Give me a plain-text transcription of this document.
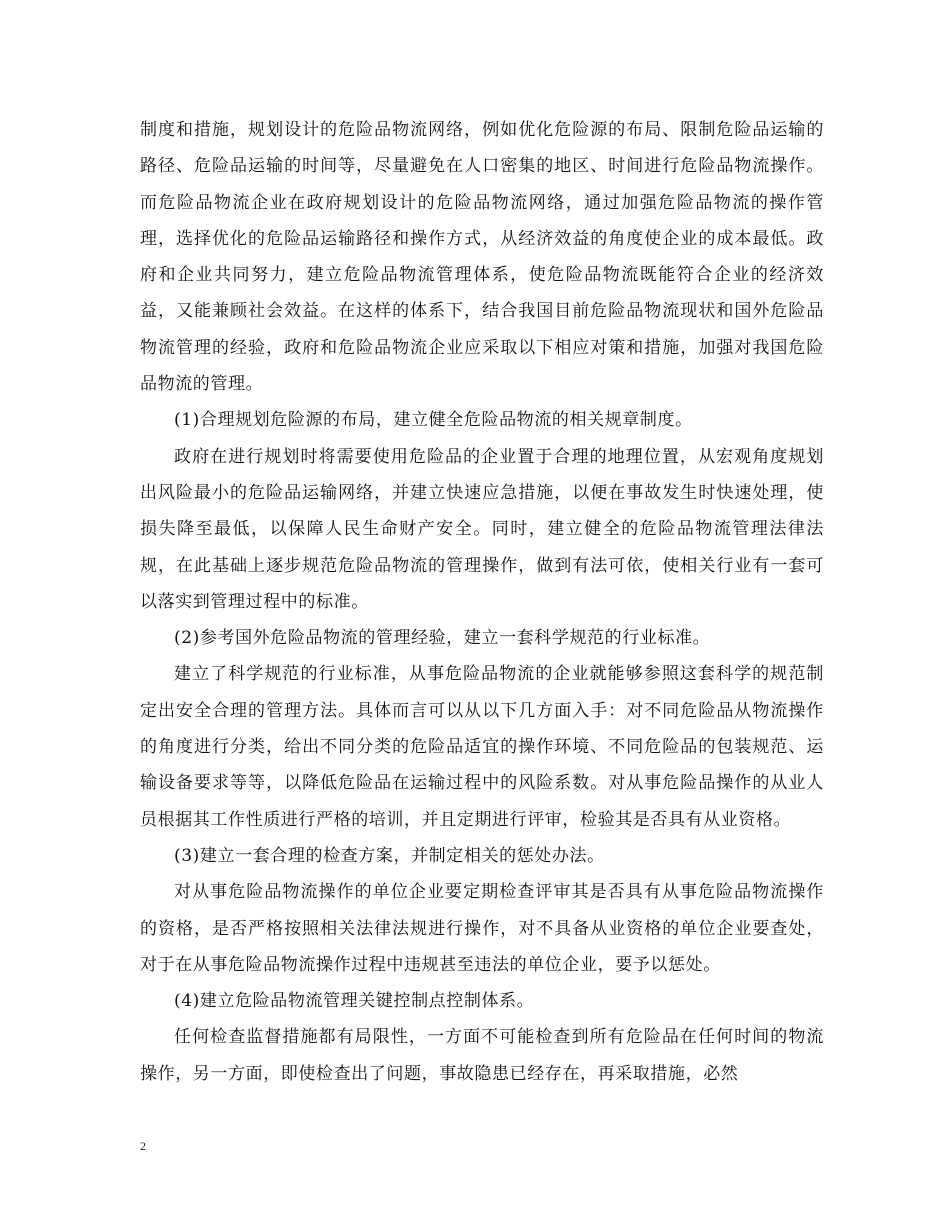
制度和措施，规划设计的危险品物流网络，例如优化危险源的布局、限制危险品运输的路径、危险品运输的时间等，尽量避免在人口密集的地区、时间进行危险品物流操作。而危险品物流企业在政府规划设计的危险品物流网络，通过加强危险品物流的操作管理，选择优化的危险品运输路径和操作方式，从经济效益的角度使企业的成本最低。政府和企业共同努力，建立危险品物流管理体系，使危险品物流既能符合企业的经济效益，又能兼顾社会效益。在这样的体系下，结合我国目前危险品物流现状和国外危险品物流管理的经验，政府和危险品物流企业应采取以下相应对策和措施，加强对我国危险品物流的管理。

(1)合理规划危险源的布局，建立健全危险品物流的相关规章制度。

政府在进行规划时将需要使用危险品的企业置于合理的地理位置，从宏观角度规划出风险最小的危险品运输网络，并建立快速应急措施，以便在事故发生时快速处理，使损失降至最低，以保障人民生命财产安全。同时，建立健全的危险品物流管理法律法规，在此基础上逐步规范危险品物流的管理操作，做到有法可依，使相关行业有一套可以落实到管理过程中的标准。

(2)参考国外危险品物流的管理经验，建立一套科学规范的行业标准。

建立了科学规范的行业标准，从事危险品物流的企业就能够参照这套科学的规范制定出安全合理的管理方法。具体而言可以从以下几方面入手：对不同危险品从物流操作的角度进行分类，给出不同分类的危险品适宜的操作环境、不同危险品的包装规范、运输设备要求等等，以降低危险品在运输过程中的风险系数。对从事危险品操作的从业人员根据其工作性质进行严格的培训，并且定期进行评审，检验其是否具有从业资格。

(3)建立一套合理的检查方案，并制定相关的惩处办法。

对从事危险品物流操作的单位企业要定期检查评审其是否具有从事危险品物流操作的资格，是否严格按照相关法律法规进行操作，对不具备从业资格的单位企业要查处，对于在从事危险品物流操作过程中违规甚至违法的单位企业，要予以惩处。

(4)建立危险品物流管理关键控制点控制体系。

任何检查监督措施都有局限性，一方面不可能检查到所有危险品在任何时间的物流操作，另一方面，即使检查出了问题，事故隐患已经存在，再采取措施，必然

2
